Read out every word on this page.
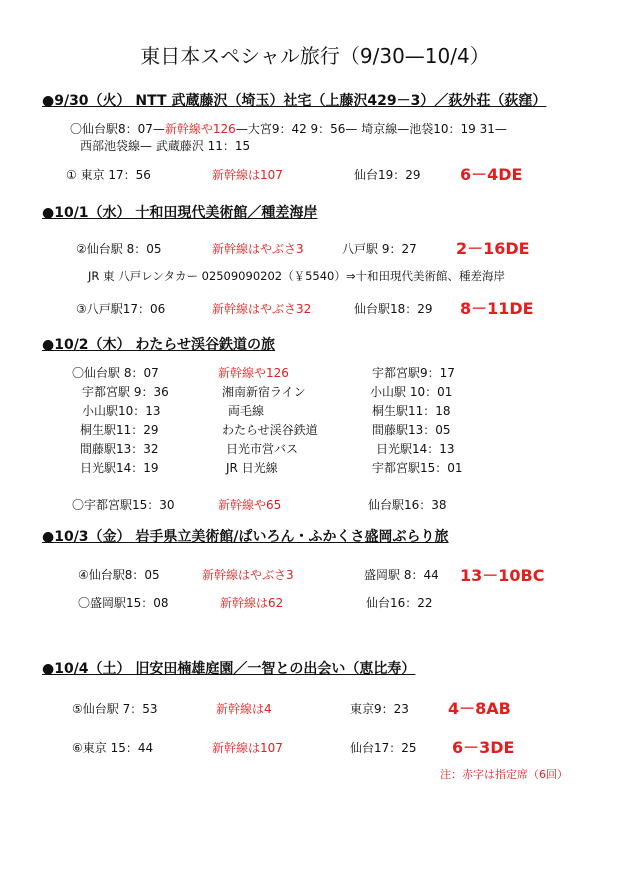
東日本スペシャル旅行（9/30—10/4）
●9/30（火） NTT 武蔵藤沢（埼玉）社宅（上藤沢429－3）／荻外荘（荻窪）
〇仙台駅8：07—新幹線や126—大宮9：42 9：56— 埼京線—池袋10：19 31—
西部池袋線— 武蔵藤沢 11：15
① 東京 17：56	新幹線は107	仙台19：29 6－4DE
●10/1（水） 十和田現代美術館／種差海岸
②仙台駅 8：05	新幹線はやぶさ3	八戸駅 9：27 2－16DE
JR 東 八戸レンタカー 02509090202（￥5540）⇒十和田現代美術館、種差海岸
③八戸駅17：06	新幹線はやぶさ32	仙台駅18：29 8－11DE
●10/2（木） わたらせ渓谷鉄道の旅
〇仙台駅 8：07	新幹線や126	宇都宮駅9：17
宇都宮駅 9：36	湘南新宿ライン	小山駅 10：01
小山駅10：13	両毛線	桐生駅11：18
桐生駅11：29	わたらせ渓谷鉄道	間藤駅13：05
間藤駅13：32	日光市営バス	日光駅14：13
日光駅14：19	JR 日光線	宇都宮駅15：01
〇宇都宮駅15：30	新幹線や65	仙台駅16：38
●10/3（金） 岩手県立美術館/ぱいろん・ふかくさ盛岡ぶらり旅
④仙台駅8：05	新幹線はやぶさ3	盛岡駅 8：44 13－10BC
〇盛岡駅15：08	新幹線は62	仙台16：22
●10/4（土） 旧安田楠雄庭園／一智との出会い（恵比寿）
⑤仙台駅 7：53	新幹線は4	東京9：23 4－8AB
⑥東京 15：44	新幹線は107	仙台17：25 6－3DE
注：赤字は指定席（6回）
